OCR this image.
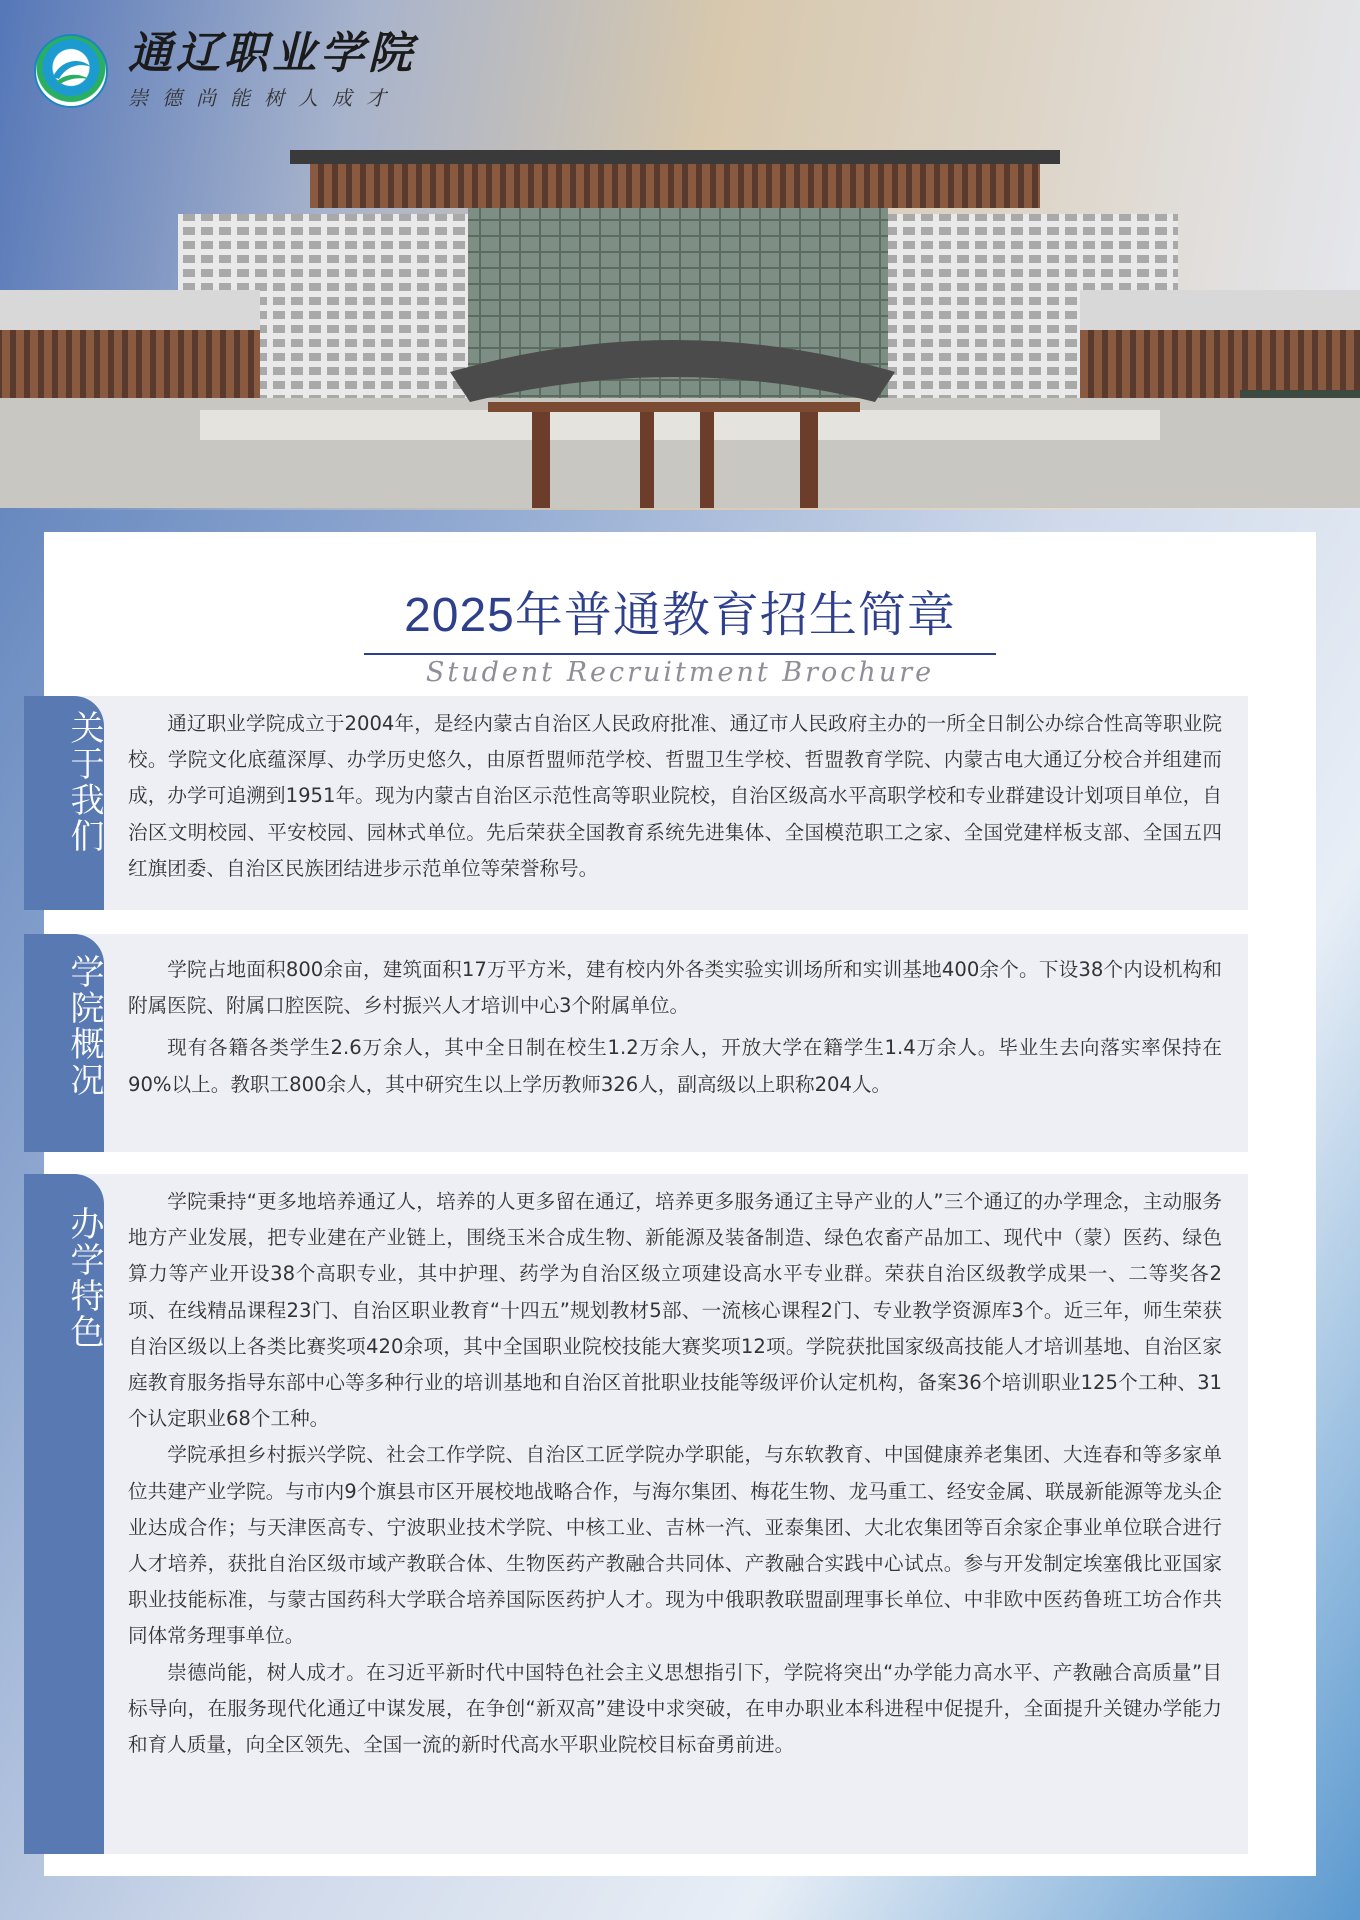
通辽职业学院
崇德尚能树人成才
2025年普通教育招生简章
Student Recruitment Brochure
关于我们	通辽职业学院成立于2004年，是经内蒙古自治区人民政府批准、通辽市人民政府主办的一所全日制公办综合性高等职业院校。学院文化底蕴深厚、办学历史悠久，由原哲盟师范学校、哲盟卫生学校、哲盟教育学院、内蒙古电大通辽分校合并组建而成，办学可追溯到1951年。现为内蒙古自治区示范性高等职业院校，自治区级高水平高职学校和专业群建设计划项目单位，自治区文明校园、平安校园、园林式单位。先后荣获全国教育系统先进集体、全国模范职工之家、全国党建样板支部、全国五四红旗团委、自治区民族团结进步示范单位等荣誉称号。

学院概况	学院占地面积800余亩，建筑面积17万平方米，建有校内外各类实验实训场所和实训基地400余个。下设38个内设机构和附属医院、附属口腔医院、乡村振兴人才培训中心3个附属单位。

现有各籍各类学生2.6万余人，其中全日制在校生1.2万余人，开放大学在籍学生1.4万余人。毕业生去向落实率保持在90%以上。教职工800余人，其中研究生以上学历教师326人，副高级以上职称204人。

办学特色

学院秉持“更多地培养通辽人，培养的人更多留在通辽，培养更多服务通辽主导产业的人”三个通辽的办学理念，主动服务地方产业发展，把专业建在产业链上，围绕玉米合成生物、新能源及装备制造、绿色农畜产品加工、现代中（蒙）医药、绿色算力等产业开设38个高职专业，其中护理、药学为自治区级立项建设高水平专业群。荣获自治区级教学成果一、二等奖各2项、在线精品课程23门、自治区职业教育“十四五”规划教材5部、一流核心课程2门、专业教学资源库3个。近三年，师生荣获自治区级以上各类比赛奖项420余项，其中全国职业院校技能大赛奖项12项。学院获批国家级高技能人才培训基地、自治区家庭教育服务指导东部中心等多种行业的培训基地和自治区首批职业技能等级评价认定机构，备案36个培训职业125个工种、31个认定职业68个工种。

学院承担乡村振兴学院、社会工作学院、自治区工匠学院办学职能，与东软教育、中国健康养老集团、大连春和等多家单位共建产业学院。与市内9个旗县市区开展校地战略合作，与海尔集团、梅花生物、龙马重工、经安金属、联晟新能源等龙头企业达成合作；与天津医高专、宁波职业技术学院、中核工业、吉林一汽、亚泰集团、大北农集团等百余家企事业单位联合进行人才培养，获批自治区级市域产教联合体、生物医药产教融合共同体、产教融合实践中心试点。参与开发制定埃塞俄比亚国家职业技能标准，与蒙古国药科大学联合培养国际医药护人才。现为中俄职教联盟副理事长单位、中非欧中医药鲁班工坊合作共同体常务理事单位。

崇德尚能，树人成才。在习近平新时代中国特色社会主义思想指引下，学院将突出“办学能力高水平、产教融合高质量”目标导向，在服务现代化通辽中谋发展，在争创“新双高”建设中求突破，在申办职业本科进程中促提升，全面提升关键办学能力和育人质量，向全区领先、全国一流的新时代高水平职业院校目标奋勇前进。
